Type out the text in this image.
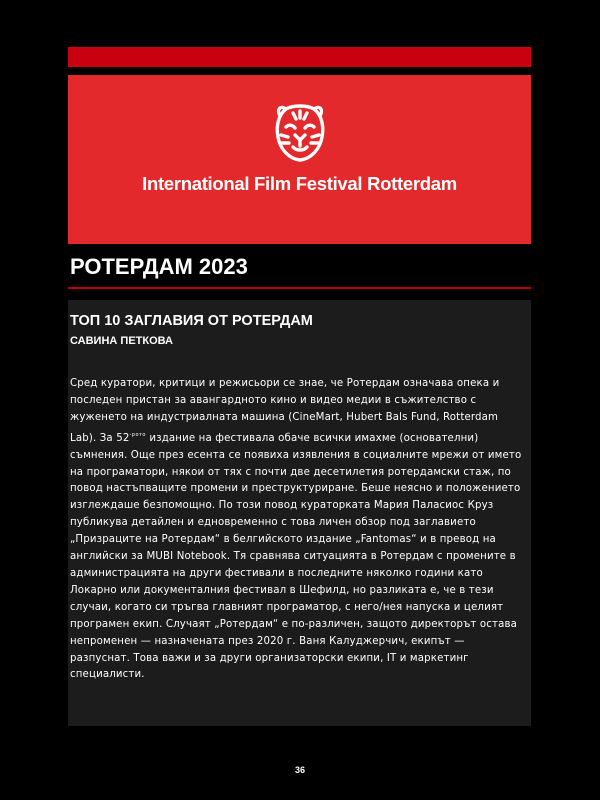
International Film Festival Rotterdam
РОТЕРДАМ 2023
ТОП 10 ЗАГЛАВИЯ ОТ РОТЕРДАМ
САВИНА ПЕТКОВА

Сред куратори, критици и режисьори се знае, че Ротердам означава опека и последен пристан за авангардното кино и видео медии в съжителство с жуженето на индустриалната машина (CineMart, Hubert Bals Fund, Rotterdam Lab). За $52^{-рото}$ издание на фестивала обаче всички имахме (основателни) съмнения. Още през есента се появиха изявления в социалните мрежи от името на програматори, някои от тях с почти две десетилетия ротердамски стаж, по повод настъпващите промени и преструктуриране. Беше неясно и положението изглеждаше безпомощно. По този повод кураторката Мария Паласиос Круз публикува детайлен и едновременно с това личен обзор под заглавието „Призраците на Ротердам“ в белгийското издание „Fantomas“ и в превод на английски за MUBI Notebook. Тя сравнява ситуацията в Ротердам с промените в администрацията на други фестивали в последните няколко години като Локарно или документалния фестивал в Шефилд, но разликата е, че в тези случаи, когато си тръгва главният програматор, с него/нея напуска и целият програмен екип. Случаят „Ротердам“ е по-различен, защото директорът остава непроменен — назначената през 2020 г. Ваня Калуджерчич, екипът — разпуснат. Това важи и за други организаторски екипи, IT и маркетинг специалисти.

36
